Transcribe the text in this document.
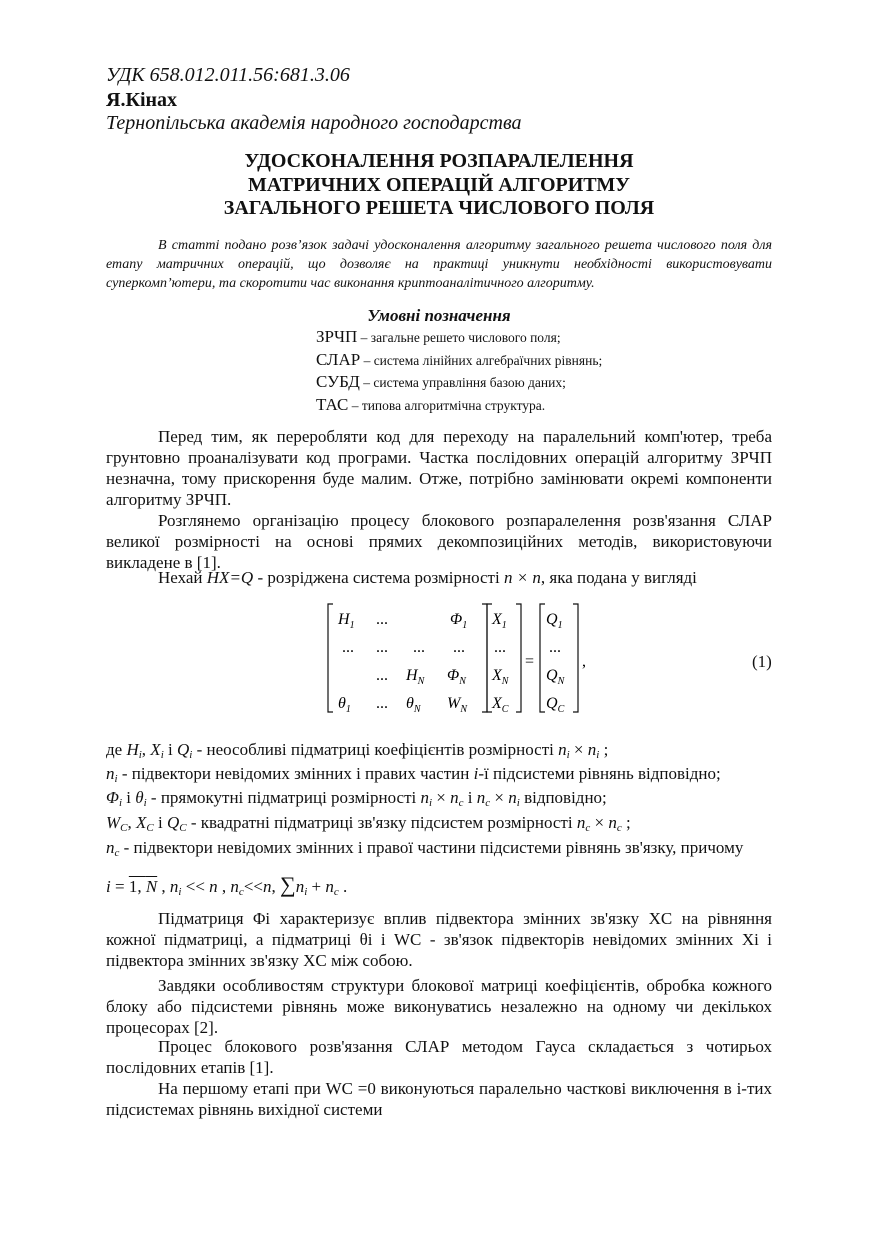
УДК 658.012.011.56:681.3.06
Я.Кінах
Тернопільська академія народного господарства
УДОСКОНАЛЕННЯ РОЗПАРАЛЕЛЕННЯ
МАТРИЧНИХ ОПЕРАЦІЙ АЛГОРИТМУ
ЗАГАЛЬНОГО РЕШЕТА ЧИСЛОВОГО ПОЛЯ
В статті подано розв’язок задачі удосконалення алгоритму загального решета числового поля для етапу матричних операцій, що дозволяє на практиці уникнути необхідності використовувати суперкомп’ютери, та скоротити час виконання криптоаналітичного алгоритму.
Умовні позначення
ЗРЧП – загальне решето числового поля;
СЛАР – система лінійних алгебраїчних рівнянь;
СУБД – система управління базою даних;
ТАС – типова алгоритмічна структура.
Перед тим, як переробляти код для переходу на паралельний комп'ютер, треба грунтовно проаналізувати код програми. Частка послідовних операцій алгоритму ЗРЧП незначна, тому прискорення буде малим. Отже, потрібно замінювати окремі компоненти алгоритму ЗРЧП.
Розглянемо організацію процесу блокового розпаралелення розв'язання СЛАР великої розмірності на основі прямих декомпозиційних методів, використовуючи викладене в [1].
Нехай HX=Q - розріджена система розмірності n × n, яка подана у вигляді
$H_1$ ...	$\Phi_1$
... ... ... ...
... $H_N$ $\Phi_N$
$\theta_1$ ... $\theta_N$ $W_N$
$X_1$
...
$X_N$
$X_C$
=
$Q_1$
...
$Q_N$
$Q_C$
,	(1)
де $H_i$, $X_i$ і $Q_i$ - неособливі підматриці коефіцієнтів розмірності $n_i \times n_i$ ;
$n_i$ - підвектори невідомих змінних і правих частин i-ї підсистеми рівнянь відповідно;
$\Phi_i$ і $\theta_i$ - прямокутні підматриці розмірності $n_i \times n_c$ і $n_c \times n_i$ відповідно;
$W_C$, $X_C$ і $Q_C$ - квадратні підматриці зв'язку підсистем розмірності $n_c \times n_c$ ;
$n_c$ - підвектори невідомих змінних і правої частини підсистеми рівнянь зв'язку, причому
i = 1, N , $n_i << n$ , $n_c<<n$, $\sum n_i + n_c$ .
Підматриця Φi характеризує вплив підвектора змінних зв'язку XC на рівняння кожної підматриці, а підматриці θi і WC - зв'язок підвекторів невідомих змінних Xi і підвектора змінних зв'язку XC між собою.
Завдяки особливостям структури блокової матриці коефіцієнтів, обробка кожного блоку або підсистеми рівнянь може виконуватись незалежно на одному чи декількох процесорах [2].
Процес блокового розв'язання СЛАР методом Гауса складається з чотирьох послідовних етапів [1].
На першому етапі при WC =0 виконуються паралельно часткові виключення в i-тих підсистемах рівнянь вихідної системи
